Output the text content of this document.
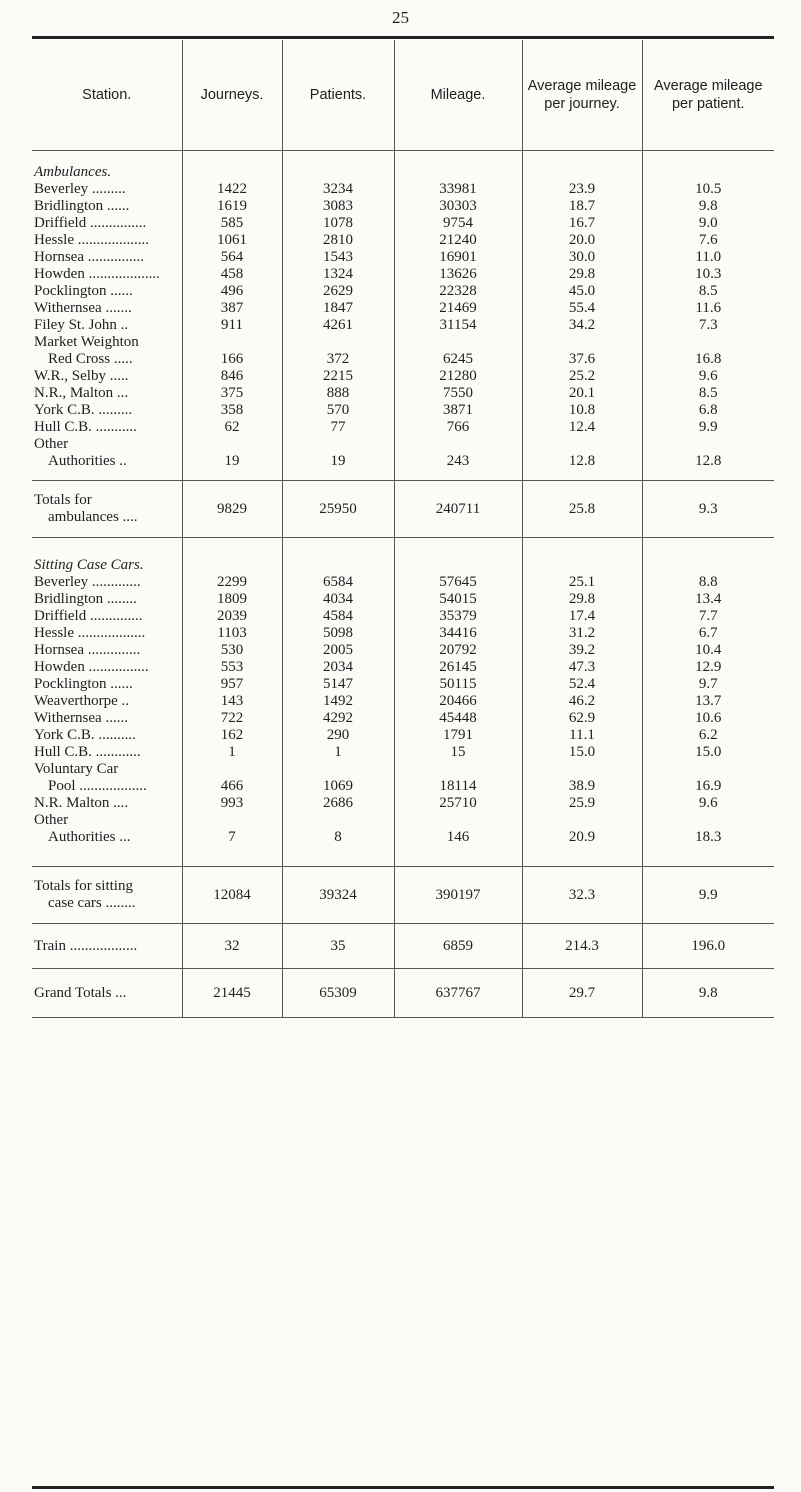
25
Station.	Journeys.	Patients.	Mileage.	Average mileage per journey.	Average mileage per patient.
Ambulances.					

Beverley .........	1422	3234	33981	23.9	10.5

Bridlington ......	1619	3083	30303	18.7	9.8

Driffield ...............	585	1078	9754	16.7	9.0

Hessle ...................	1061	2810	21240	20.0	7.6

Hornsea ...............	564	1543	16901	30.0	11.0

Howden ...................	458	1324	13626	29.8	10.3

Pocklington ......	496	2629	22328	45.0	8.5

Withernsea .......	387	1847	21469	55.4	11.6

Filey St. John ..	911	4261	31154	34.2	7.3

Market Weighton
Red Cross .....	166	372	6245	37.6	16.8

W.R., Selby .....	846	2215	21280	25.2	9.6

N.R., Malton ...	375	888	7550	20.1	8.5

York C.B. .........	358	570	3871	10.8	6.8

Hull C.B. ...........	62	77	766	12.4	9.9

Other
Authorities ..	19	19	243	12.8	12.8

Totals for
ambulances ....	9829	25950	240711	25.8	9.3

Sitting Case Cars.					

Beverley .............	2299	6584	57645	25.1	8.8

Bridlington ........	1809	4034	54015	29.8	13.4

Driffield ..............	2039	4584	35379	17.4	7.7

Hessle ..................	1103	5098	34416	31.2	6.7

Hornsea ..............	530	2005	20792	39.2	10.4

Howden ................	553	2034	26145	47.3	12.9

Pocklington ......	957	5147	50115	52.4	9.7

Weaverthorpe ..	143	1492	20466	46.2	13.7

Withernsea ......	722	4292	45448	62.9	10.6

York C.B. ..........	162	290	1791	11.1	6.2

Hull C.B. ............	1	1	15	15.0	15.0

Voluntary Car
Pool ..................	466	1069	18114	38.9	16.9

N.R. Malton ....	993	2686	25710	25.9	9.6

Other
Authorities ...	7	8	146	20.9	18.3

Totals for sitting
case cars ........	12084	39324	390197	32.3	9.9

Train ..................	32	35	6859	214.3	196.0

Grand Totals ...	21445	65309	637767	29.7	9.8
